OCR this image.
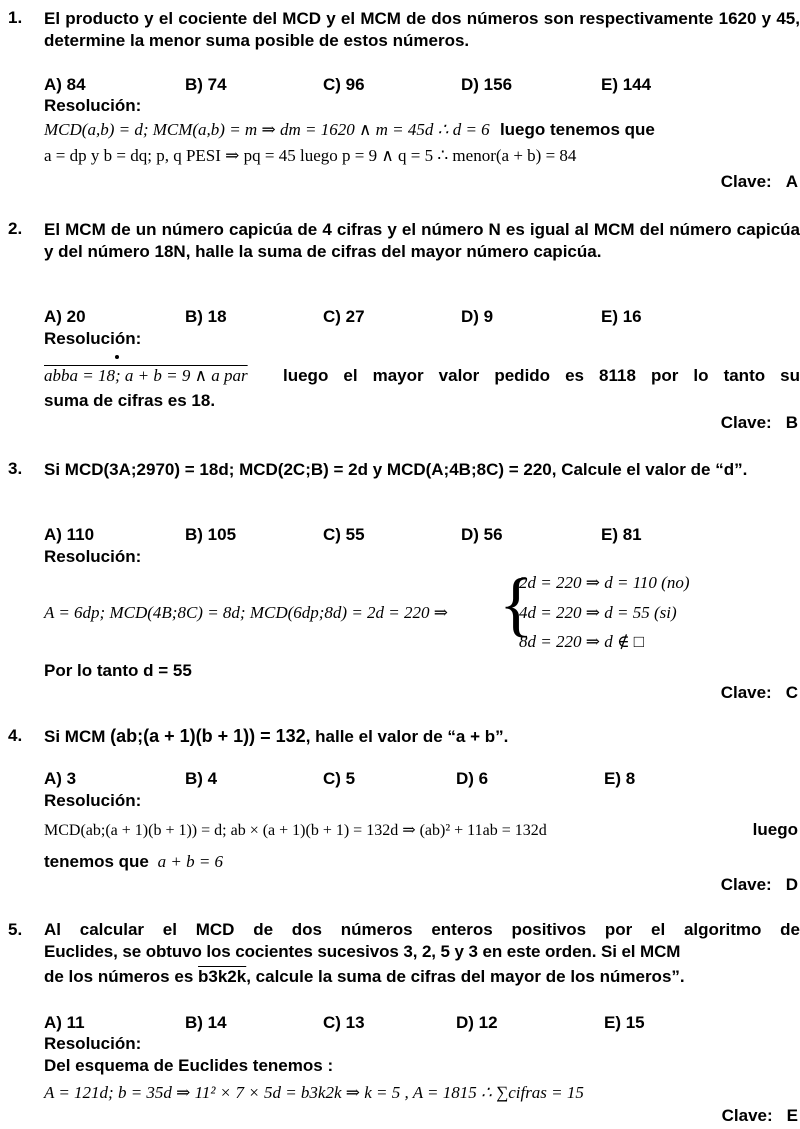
1. El producto y el cociente del MCD y el MCM de dos números son respectivamente 1620 y 45, determine la menor suma posible de estos números.
A) 84	B) 74	C) 96	D) 156	E) 144
Resolución:
MCD(a,b) = d; MCM(a,b) = m ⇒ dm = 1620 ∧ m = 45d ∴ d = 6 luego tenemos que
a = dp y b = dq; p, q PESI ⇒ pq = 45 luego p = 9 ∧ q = 5 ∴ menor(a + b) = 84
Clave: A
2. El MCM de un número capicúa de 4 cifras y el número N es igual al MCM del número capicúa y del número 18N, halle la suma de cifras del mayor número capicúa.
A) 20	B) 18	C) 27	D) 9	E) 16
Resolución:
abba = 18; a + b = 9 ∧ a par luego el mayor valor pedido es 8118 por lo tanto su
suma de cifras es 18.
Clave: B
3. Si MCD(3A;2970) = 18d; MCD(2C;B) = 2d y MCD(A;4B;8C) = 220, Calcule el valor de “d”.
A) 110	B) 105	C) 55	D) 56	E) 81
Resolución:
A = 6dp; MCD(4B;8C) = 8d; MCD(6dp;8d) = 2d = 220 ⇒ {
2d = 220 ⇒ d = 110 (no)
4d = 220 ⇒ d = 55 (si)
8d = 220 ⇒ d ∉ □
Por lo tanto d = 55
Clave: C
4. Si MCM (ab;(a + 1)(b + 1)) = 132, halle el valor de “a + b”.
A) 3	B) 4	C) 5	D) 6	E) 8
Resolución:
MCD(ab;(a + 1)(b + 1)) = d; ab × (a + 1)(b + 1) = 132d ⇒ (ab)² + 11ab = 132d	luego
tenemos que a + b = 6
Clave: D
5. Al calcular el MCD de dos números enteros positivos por el algoritmo de
Euclides, se obtuvo los cocientes sucesivos 3, 2, 5 y 3 en este orden. Si el MCM
de los números es b3k2k, calcule la suma de cifras del mayor de los números”.
A) 11	B) 14	C) 13	D) 12	E) 15
Resolución:
Del esquema de Euclides tenemos :
A = 121d; b = 35d ⇒ 11² × 7 × 5d = b3k2k ⇒ k = 5 , A = 1815 ∴ ∑cifras = 15
Clave: E
